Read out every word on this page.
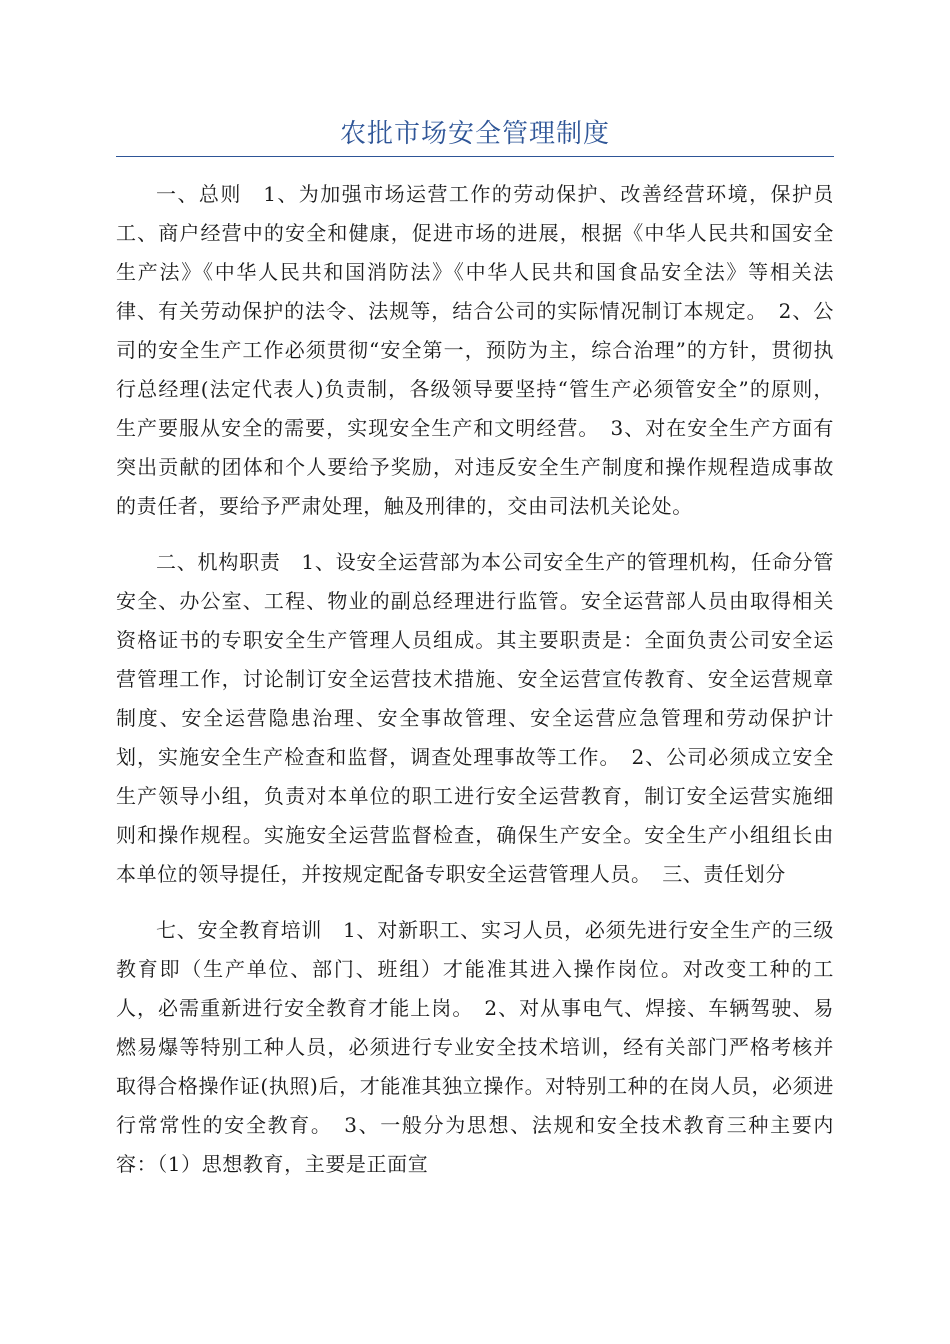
农批市场安全管理制度

一、总则　1、为加强市场运营工作的劳动保护、改善经营环境，保护员工、商户经营中的安全和健康，促进市场的进展，根据《中华人民共和国安全生产法》《中华人民共和国消防法》《中华人民共和国食品安全法》等相关法律、有关劳动保护的法令、法规等，结合公司的实际情况制订本规定。　2、公司的安全生产工作必须贯彻“安全第一，预防为主，综合治理”的方针，贯彻执行总经理(法定代表人)负责制，各级领导要坚持“管生产必须管安全”的原则，生产要服从安全的需要，实现安全生产和文明经营。　3、对在安全生产方面有突出贡献的团体和个人要给予奖励，对违反安全生产制度和操作规程造成事故的责任者，要给予严肃处理，触及刑律的，交由司法机关论处。

二、机构职责　1、设安全运营部为本公司安全生产的管理机构，任命分管安全、办公室、工程、物业的副总经理进行监管。安全运营部人员由取得相关资格证书的专职安全生产管理人员组成。其主要职责是：全面负责公司安全运营管理工作，讨论制订安全运营技术措施、安全运营宣传教育、安全运营规章制度、安全运营隐患治理、安全事故管理、安全运营应急管理和劳动保护计划，实施安全生产检查和监督，调查处理事故等工作。　2、公司必须成立安全生产领导小组，负责对本单位的职工进行安全运营教育，制订安全运营实施细则和操作规程。实施安全运营监督检查，确保生产安全。安全生产小组组长由本单位的领导提任，并按规定配备专职安全运营管理人员。　三、责任划分

七、安全教育培训　1、对新职工、实习人员，必须先进行安全生产的三级教育即（生产单位、部门、班组）才能准其进入操作岗位。对改变工种的工人，必需重新进行安全教育才能上岗。　2、对从事电气、焊接、车辆驾驶、易燃易爆等特别工种人员，必须进行专业安全技术培训，经有关部门严格考核并取得合格操作证(执照)后，才能准其独立操作。对特别工种的在岗人员，必须进行常常性的安全教育。　3、一般分为思想、法规和安全技术教育三种主要内容：（1）思想教育，主要是正面宣
